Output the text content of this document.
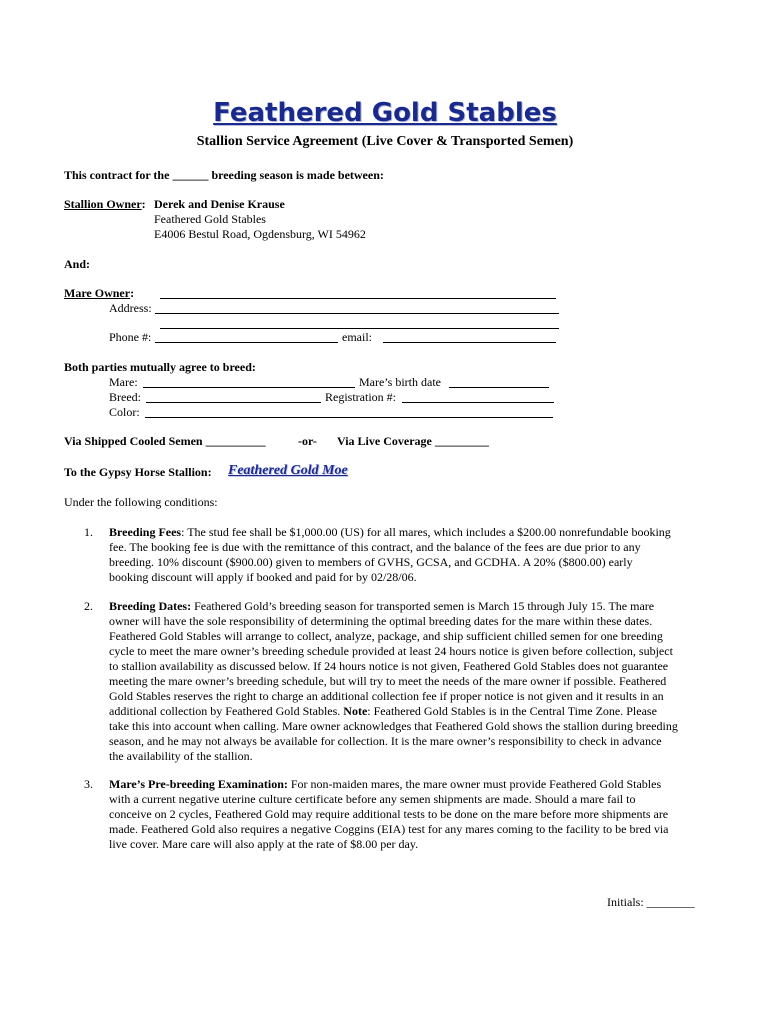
Feathered Gold Stables
Stallion Service Agreement (Live Cover & Transported Semen)
This contract for the ______ breeding season is made between:
Stallion Owner: Derek and Denise Krause
Feathered Gold Stables
E4006 Bestul Road, Ogdensburg, WI 54962
And:
Mare Owner:
Address:
Phone #:	email:
Both parties mutually agree to breed:
Mare:	Mare’s birth date
Breed:	Registration #:
Color:
Via Shipped Cooled Semen __________	-or- Via Live Coverage _________
To the Gypsy Horse Stallion: Feathered Gold Moe
Under the following conditions:
1. Breeding Fees: The stud fee shall be $1,000.00 (US) for all mares, which includes a $200.00 nonrefundable booking
fee. The booking fee is due with the remittance of this contract, and the balance of the fees are due prior to any
breeding. 10% discount ($900.00) given to members of GVHS, GCSA, and GCDHA. A 20% ($800.00) early
booking discount will apply if booked and paid for by 02/28/06.
2. Breeding Dates: Feathered Gold’s breeding season for transported semen is March 15 through July 15. The mare
owner will have the sole responsibility of determining the optimal breeding dates for the mare within these dates.
Feathered Gold Stables will arrange to collect, analyze, package, and ship sufficient chilled semen for one breeding
cycle to meet the mare owner’s breeding schedule provided at least 24 hours notice is given before collection, subject
to stallion availability as discussed below. If 24 hours notice is not given, Feathered Gold Stables does not guarantee
meeting the mare owner’s breeding schedule, but will try to meet the needs of the mare owner if possible. Feathered
Gold Stables reserves the right to charge an additional collection fee if proper notice is not given and it results in an
additional collection by Feathered Gold Stables. Note: Feathered Gold Stables is in the Central Time Zone. Please
take this into account when calling. Mare owner acknowledges that Feathered Gold shows the stallion during breeding
season, and he may not always be available for collection. It is the mare owner’s responsibility to check in advance
the availability of the stallion.
3. Mare’s Pre-breeding Examination: For non-maiden mares, the mare owner must provide Feathered Gold Stables
with a current negative uterine culture certificate before any semen shipments are made. Should a mare fail to
conceive on 2 cycles, Feathered Gold may require additional tests to be done on the mare before more shipments are
made. Feathered Gold also requires a negative Coggins (EIA) test for any mares coming to the facility to be bred via
live cover. Mare care will also apply at the rate of $8.00 per day.
Initials: ________
